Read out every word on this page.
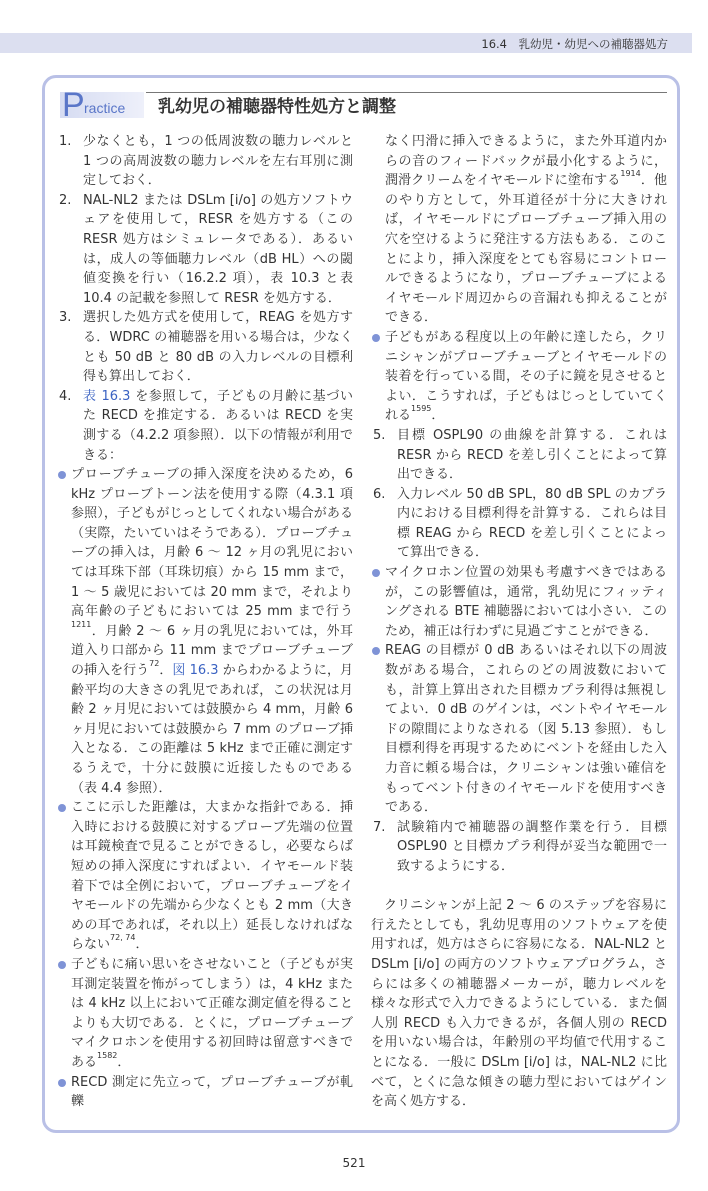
16.4　乳幼児・幼児への補聴器処方
P ractice 乳幼児の補聴器特性処方と調整
1. 少なくとも，1 つの低周波数の聴力レベルと 1 つの高周波数の聴力レベルを左右耳別に測定しておく．
2. NAL-NL2 または DSLm [i/o] の処方ソフトウェアを使用して，RESR を処方する（この RESR 処方はシミュレータである）．あるいは，成人の等価聴力レベル（dB HL）への閾値変換を行い（16.2.2 項），表 10.3 と表 10.4 の記載を参照して RESR を処方する．
3. 選択した処方式を使用して，REAG を処方する．WDRC の補聴器を用いる場合は，少なくとも 50 dB と 80 dB の入力レベルの目標利得も算出しておく．
4. 表 16.3 を参照して，子どもの月齢に基づいた RECD を推定する．あるいは RECD を実測する（4.2.2 項参照）．以下の情報が利用できる：
プローブチューブの挿入深度を決めるため，6 kHz プローブトーン法を使用する際（4.3.1 項参照），子どもがじっとしてくれない場合がある（実際，たいていはそうである）．プローブチューブの挿入は，月齢 6 ～ 12 ヶ月の乳児においては耳珠下部（耳珠切痕）から 15 mm まで，1 ～ 5 歳児においては 20 mm まで，それより高年齢の子どもにおいては 25 mm まで行う$^{1211}$．月齢 2 ～ 6 ヶ月の乳児においては，外耳道入り口部から 11 mm までプローブチューブの挿入を行う$^{72}$．図 16.3 からわかるように，月齢平均の大きさの乳児であれば，この状況は月齢 2 ヶ月児においては鼓膜から 4 mm，月齢 6 ヶ月児においては鼓膜から 7 mm のプローブ挿入となる．この距離は 5 kHz まで正確に測定するうえで，十分に鼓膜に近接したものである（表 4.4 参照）．
ここに示した距離は，大まかな指針である．挿入時における鼓膜に対するプローブ先端の位置は耳鏡検査で見ることができるし，必要ならば短めの挿入深度にすればよい．イヤモールド装着下では全例において，プローブチューブをイヤモールドの先端から少なくとも 2 mm（大きめの耳であれば，それ以上）延長しなければならない$^{72, 74}$．
子どもに痛い思いをさせないこと（子どもが実耳測定装置を怖がってしまう）は，4 kHz または 4 kHz 以上において正確な測定値を得ることよりも大切である．とくに，プローブチューブマイクロホンを使用する初回時は留意すべきである$^{1582}$．
RECD 測定に先立って，プローブチューブが軋轢
なく円滑に挿入できるように，また外耳道内からの音のフィードバックが最小化するように，潤滑クリームをイヤモールドに塗布する$^{1914}$．他のやり方として，外耳道径が十分に大きければ，イヤモールドにプローブチューブ挿入用の穴を空けるように発注する方法もある．このことにより，挿入深度をとても容易にコントロールできるようになり，プローブチューブによるイヤモールド周辺からの音漏れも抑えることができる．
子どもがある程度以上の年齢に達したら，クリニシャンがプローブチューブとイヤモールドの装着を行っている間，その子に鏡を見させるとよい．こうすれば，子どもはじっとしていてくれる$^{1595}$．
5. 目標 OSPL90 の曲線を計算する．これは RESR から RECD を差し引くことによって算出できる．
6. 入力レベル 50 dB SPL，80 dB SPL のカプラ内における目標利得を計算する．これらは目標 REAG から RECD を差し引くことによって算出できる．
マイクロホン位置の効果も考慮すべきではあるが，この影響値は，通常，乳幼児にフィッティングされる BTE 補聴器においては小さい．このため，補正は行わずに見過ごすことができる．
REAG の目標が 0 dB あるいはそれ以下の周波数がある場合，これらのどの周波数においても，計算上算出された目標カプラ利得は無視してよい．0 dB のゲインは，ベントやイヤモールドの隙間によりなされる（図 5.13 参照）．もし目標利得を再現するためにベントを経由した入力音に頼る場合は，クリニシャンは強い確信をもってベント付きのイヤモールドを使用すべきである．
7. 試験箱内で補聴器の調整作業を行う．目標 OSPL90 と目標カプラ利得が妥当な範囲で一致するようにする．
クリニシャンが上記 2 ～ 6 のステップを容易に行えたとしても，乳幼児専用のソフトウェアを使用すれば，処方はさらに容易になる．NAL-NL2 と DSLm [i/o] の両方のソフトウェアプログラム，さらには多くの補聴器メーカーが，聴力レベルを様々な形式で入力できるようにしている．また個人別 RECD も入力できるが，各個人別の RECD を用いない場合は，年齢別の平均値で代用することになる．一般に DSLm [i/o] は，NAL-NL2 に比べて，とくに急な傾きの聴力型においてはゲインを高く処方する．
521
